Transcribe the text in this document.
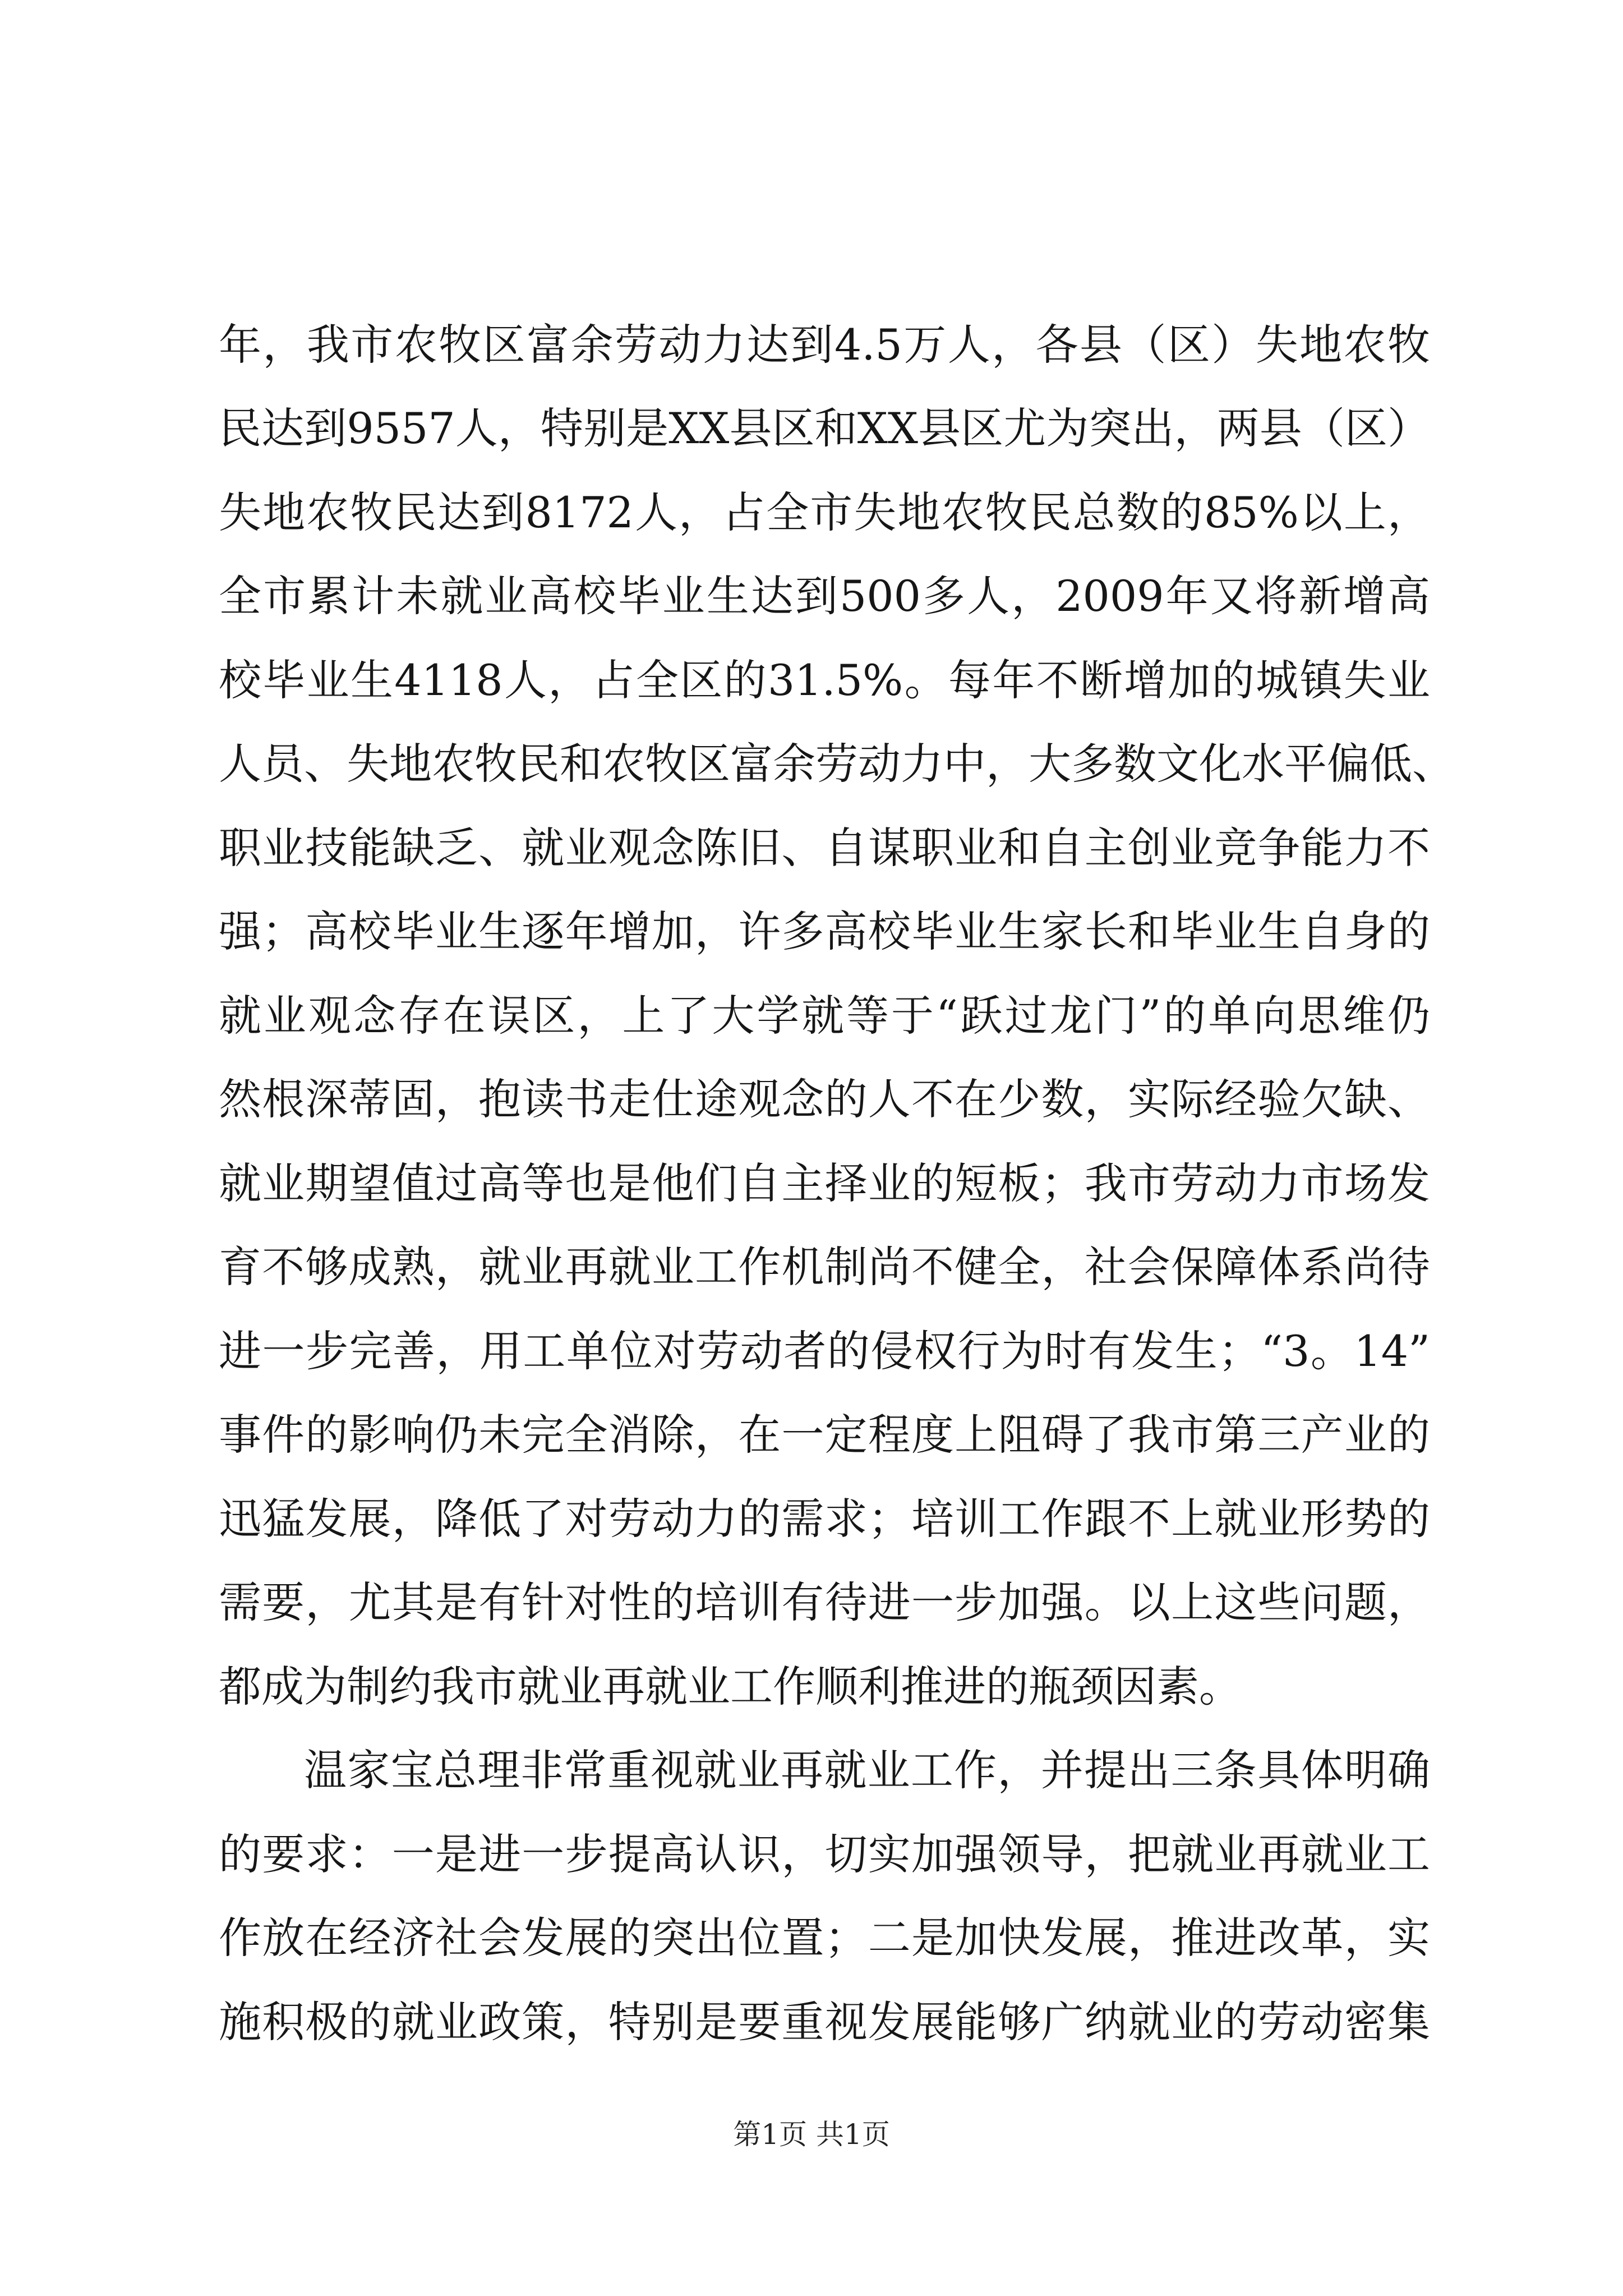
年，我市农牧区富余劳动力达到4.5万人，各县（区）失地农牧
民达到9557人，特别是XX县区和XX县区尤为突出，两县（区）
失地农牧民达到8172人，占全市失地农牧民总数的85%以上，
全市累计未就业高校毕业生达到500多人，2009年又将新增高
校毕业生4118人，占全区的31.5%。每年不断增加的城镇失业
人员、失地农牧民和农牧区富余劳动力中，大多数文化水平偏低、
职业技能缺乏、就业观念陈旧、自谋职业和自主创业竞争能力不
强；高校毕业生逐年增加，许多高校毕业生家长和毕业生自身的
就业观念存在误区，上了大学就等于“跃过龙门”的单向思维仍
然根深蒂固，抱读书走仕途观念的人不在少数，实际经验欠缺、
就业期望值过高等也是他们自主择业的短板；我市劳动力市场发
育不够成熟，就业再就业工作机制尚不健全，社会保障体系尚待
进一步完善，用工单位对劳动者的侵权行为时有发生；“3。14”
事件的影响仍未完全消除，在一定程度上阻碍了我市第三产业的
迅猛发展，降低了对劳动力的需求；培训工作跟不上就业形势的
需要，尤其是有针对性的培训有待进一步加强。以上这些问题，
都成为制约我市就业再就业工作顺利推进的瓶颈因素。
温家宝总理非常重视就业再就业工作，并提出三条具体明确
的要求：一是进一步提高认识，切实加强领导，把就业再就业工
作放在经济社会发展的突出位置；二是加快发展，推进改革，实
施积极的就业政策，特别是要重视发展能够广纳就业的劳动密集
第1页 共1页
